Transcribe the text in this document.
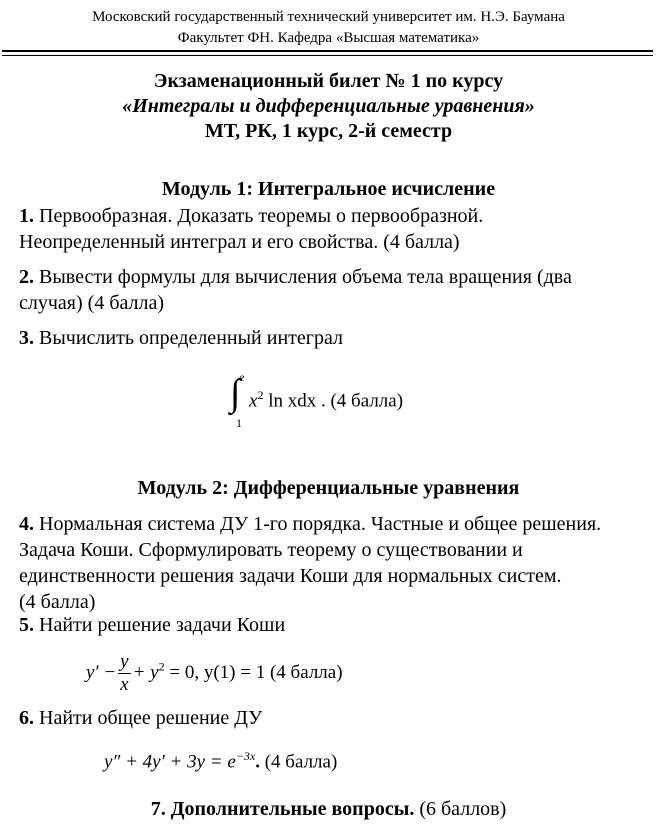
Московский государственный технический университет им. Н.Э. Баумана
Факультет ФН. Кафедра «Высшая математика»
Экзаменационный билет № 1 по курсу
«Интегралы и дифференциальные уравнения»
МТ, РК, 1 курс, 2-й семестр
Модуль 1: Интегральное исчисление
1. Первообразная. Доказать теоремы о первообразной.
Неопределенный интеграл и его свойства. (4 балла)
2. Вывести формулы для вычисления объема тела вращения (два
случая) (4 балла)
3. Вычислить определенный интеграл
e
∫
1
$x^2$ ln xdx . (4 балла)
Модуль 2: Дифференциальные уравнения
4. Нормальная система ДУ 1-го порядка. Частные и общее решения.
Задача Коши. Сформулировать теорему о существовании и
единственности решения задачи Коши для нормальных систем.
(4 балла)
5. Найти решение задачи Коши
$y' - \frac{y}{x} + y^2 = 0$, y(1) = 1 (4 балла)
6. Найти общее решение ДУ
$y'' + 4y' + 3y = e^{-3x}$. (4 балла)
7. Дополнительные вопросы. (6 баллов)
